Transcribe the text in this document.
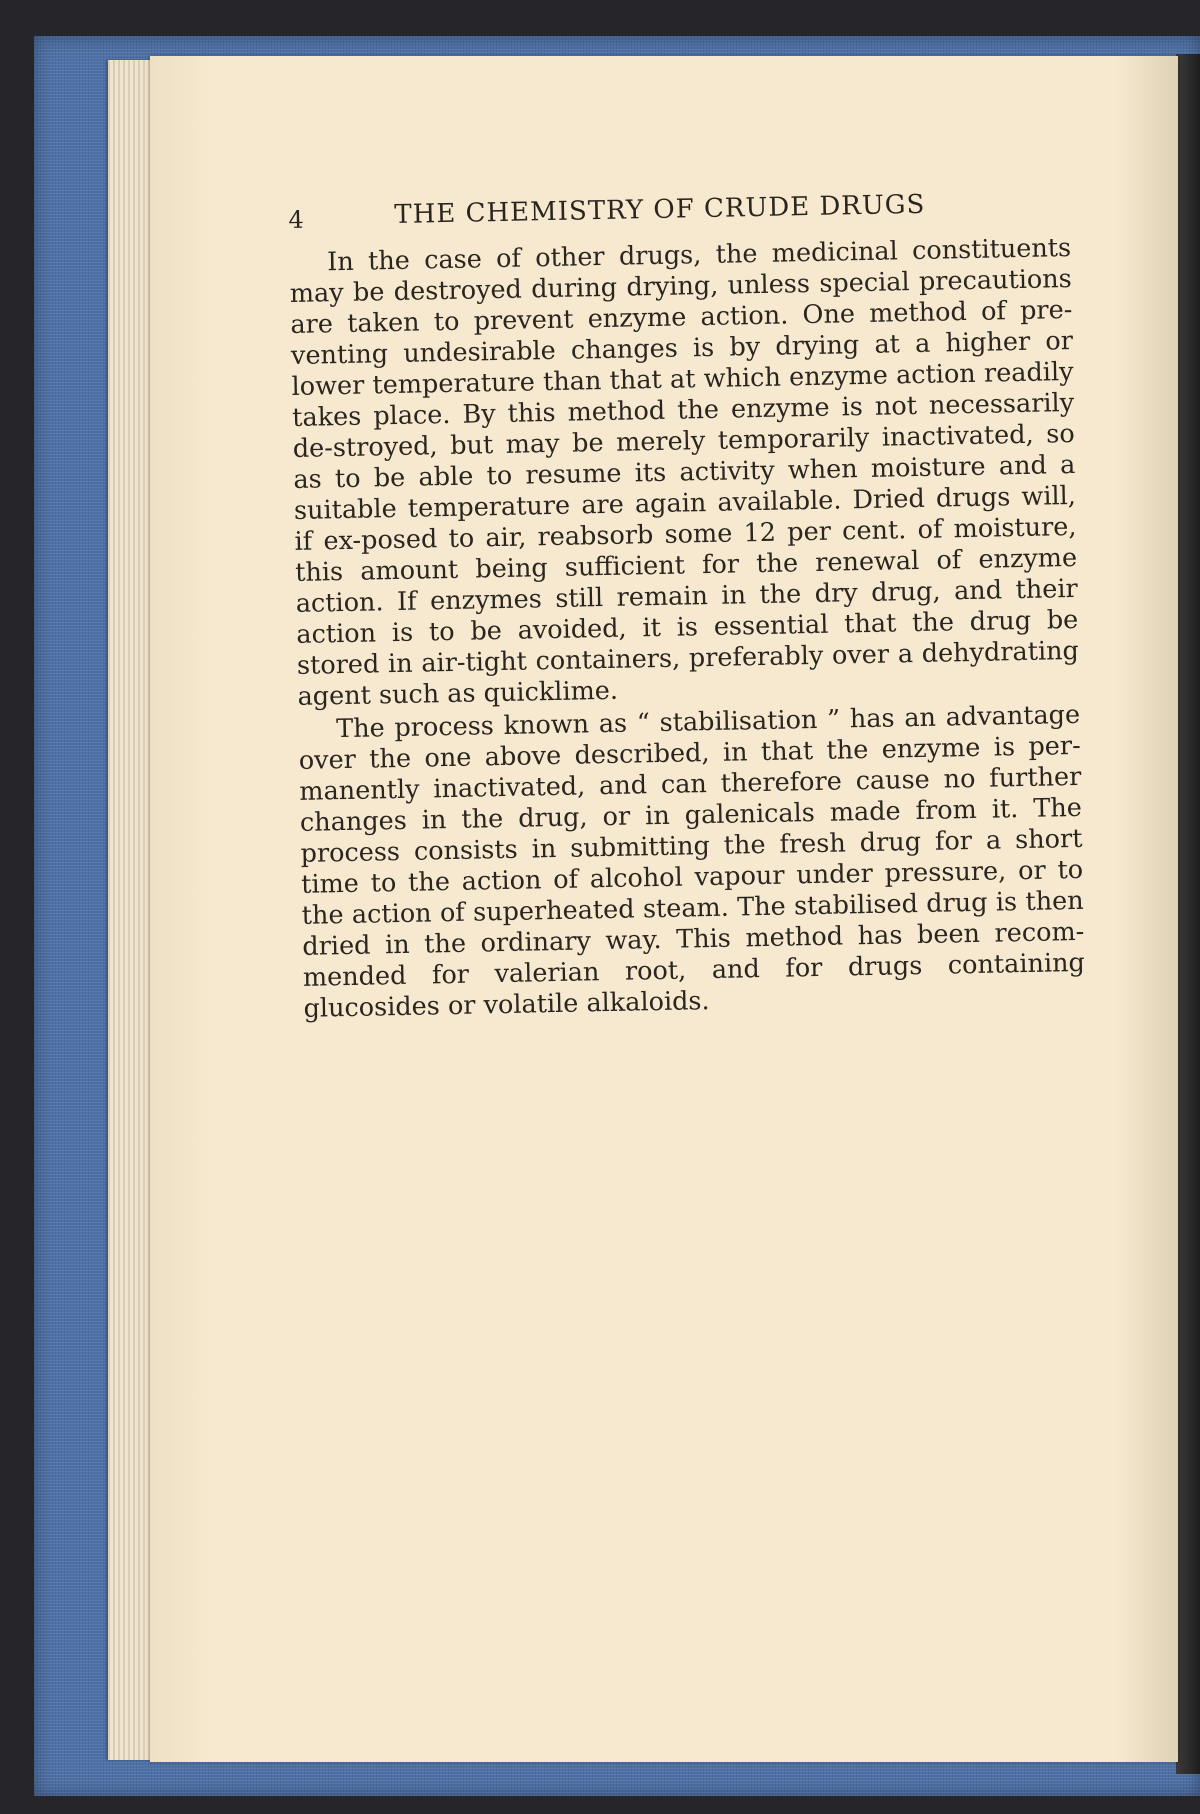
4	THE CHEMISTRY OF CRUDE DRUGS

In the case of other drugs, the medicinal constituents may be destroyed during drying, unless special precautions are taken to prevent enzyme action. One method of pre-venting undesirable changes is by drying at a higher or lower temperature than that at which enzyme action readily takes place. By this method the enzyme is not necessarily de-stroyed, but may be merely temporarily inactivated, so as to be able to resume its activity when moisture and a suitable temperature are again available. Dried drugs will, if ex-posed to air, reabsorb some 12 per cent. of moisture, this amount being sufficient for the renewal of enzyme action. If enzymes still remain in the dry drug, and their action is to be avoided, it is essential that the drug be stored in air-tight containers, preferably over a dehydrating agent such as quicklime.

The process known as “ stabilisation ” has an advantage over the one above described, in that the enzyme is per-manently inactivated, and can therefore cause no further changes in the drug, or in galenicals made from it. The process consists in submitting the fresh drug for a short time to the action of alcohol vapour under pressure, or to the action of superheated steam. The stabilised drug is then dried in the ordinary way. This method has been recom-mended for valerian root, and for drugs containing glucosides or volatile alkaloids.
